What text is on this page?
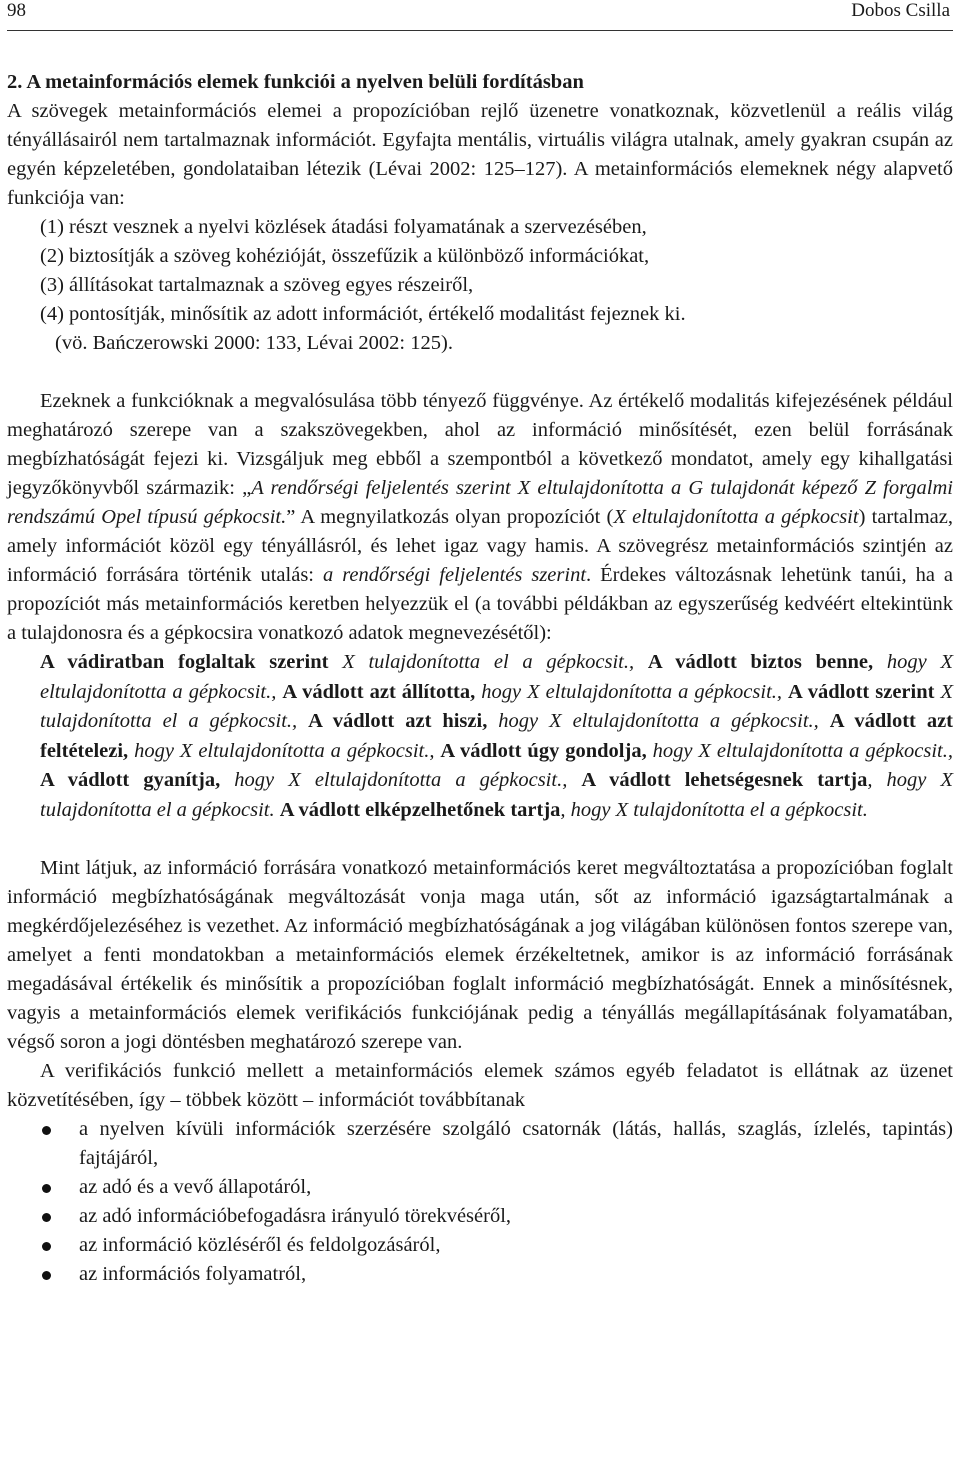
98	Dobos Csilla
2. A metainformációs elemek funkciói a nyelven belüli fordításban

A szövegek metainformációs elemei a propozícióban rejlő üzenetre vonatkoznak, közvetlenül a reális világ tényállásairól nem tartalmaznak információt. Egyfajta mentális, virtuális világra utalnak, amely gyakran csupán az egyén képzeletében, gondolataiban létezik (Lévai 2002: 125–127). A metainformációs elemeknek négy alapvető funkciója van:

(1) részt vesznek a nyelvi közlések átadási folyamatának a szervezésében,
(2) biztosítják a szöveg kohézióját, összefűzik a különböző információkat,
(3) állításokat tartalmaznak a szöveg egyes részeiről,
(4) pontosítják, minősítik az adott információt, értékelő modalitást fejeznek ki.
(vö. Bańczerowski 2000: 133, Lévai 2002: 125).

Ezeknek a funkcióknak a megvalósulása több tényező függvénye. Az értékelő modalitás kifejezésének például meghatározó szerepe van a szakszövegekben, ahol az információ minősítését, ezen belül forrásának megbízhatóságát fejezi ki. Vizsgáljuk meg ebből a szempontból a következő mondatot, amely egy kihallgatási jegyzőkönyvből származik: „A rendőrségi feljelentés szerint X eltulajdonította a G tulajdonát képező Z forgalmi rendszámú Opel típusú gépkocsit.” A megnyilatkozás olyan propozíciót (X eltulajdonította a gépkocsit) tartalmaz, amely információt közöl egy tényállásról, és lehet igaz vagy hamis. A szövegrész metainformációs szintjén az információ forrására történik utalás: a rendőrségi feljelentés szerint. Érdekes változásnak lehetünk tanúi, ha a propozíciót más metainformációs keretben helyezzük el (a további példákban az egyszerűség kedvéért eltekintünk a tulajdonosra és a gépkocsira vonatkozó adatok megnevezésétől):

A vádiratban foglaltak szerint X tulajdonította el a gépkocsit., A vádlott biztos benne, hogy X eltulajdonította a gépkocsit., A vádlott azt állította, hogy X eltulajdonította a gépkocsit., A vádlott szerint X tulajdonította el a gépkocsit., A vádlott azt hiszi, hogy X eltulajdonította a gépkocsit., A vádlott azt feltételezi, hogy X eltulajdonította a gépkocsit., A vádlott úgy gondolja, hogy X eltulajdonította a gépkocsit., A vádlott gyanítja, hogy X eltulajdonította a gépkocsit., A vádlott lehetségesnek tartja, hogy X tulajdonította el a gépkocsit. A vádlott elképzelhetőnek tartja, hogy X tulajdonította el a gépkocsit.

Mint látjuk, az információ forrására vonatkozó metainformációs keret megváltoztatása a propozícióban foglalt információ megbízhatóságának megváltozását vonja maga után, sőt az információ igazságtartalmának a megkérdőjelezéséhez is vezethet. Az információ megbízhatóságának a jog világában különösen fontos szerepe van, amelyet a fenti mondatokban a metainformációs elemek érzékeltetnek, amikor is az információ forrásának megadásával értékelik és minősítik a propozícióban foglalt információ megbízhatóságát. Ennek a minősítésnek, vagyis a metainformációs elemek verifikációs funkciójának pedig a tényállás megállapításának folyamatában, végső soron a jogi döntésben meghatározó szerepe van.

A verifikációs funkció mellett a metainformációs elemek számos egyéb feladatot is ellátnak az üzenet közvetítésében, így – többek között – információt továbbítanak

a nyelven kívüli információk szerzésére szolgáló csatornák (látás, hallás, szaglás, ízlelés, tapintás) fajtájáról,
az adó és a vevő állapotáról,
az adó információbefogadásra irányuló törekvéséről,
az információ közléséről és feldolgozásáról,
az információs folyamatról,
